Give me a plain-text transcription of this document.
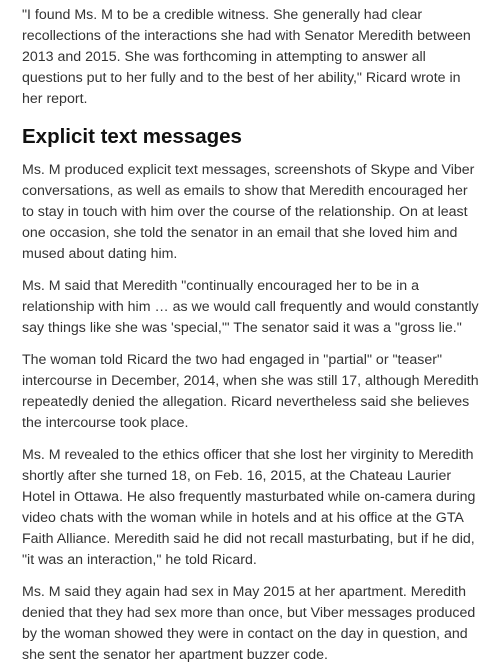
"I found Ms. M to be a credible witness. She generally had clear recollections of the interactions she had with Senator Meredith between 2013 and 2015. She was forthcoming in attempting to answer all questions put to her fully and to the best of her ability," Ricard wrote in her report.

Explicit text messages

Ms. M produced explicit text messages, screenshots of Skype and Viber conversations, as well as emails to show that Meredith encouraged her to stay in touch with him over the course of the relationship. On at least one occasion, she told the senator in an email that she loved him and mused about dating him.

Ms. M said that Meredith "continually encouraged her to be in a relationship with him … as we would call frequently and would constantly say things like she was 'special,'" The senator said it was a "gross lie."

The woman told Ricard the two had engaged in "partial" or "teaser" intercourse in December, 2014, when she was still 17, although Meredith repeatedly denied the allegation. Ricard nevertheless said she believes the intercourse took place.

Ms. M revealed to the ethics officer that she lost her virginity to Meredith shortly after she turned 18, on Feb. 16, 2015, at the Chateau Laurier Hotel in Ottawa. He also frequently masturbated while on-camera during video chats with the woman while in hotels and at his office at the GTA Faith Alliance. Meredith said he did not recall masturbating, but if he did, "it was an interaction," he told Ricard.

Ms. M said they again had sex in May 2015 at her apartment. Meredith denied that they had sex more than once, but Viber messages produced by the woman showed they were in contact on the day in question, and she sent the senator her apartment buzzer code.
